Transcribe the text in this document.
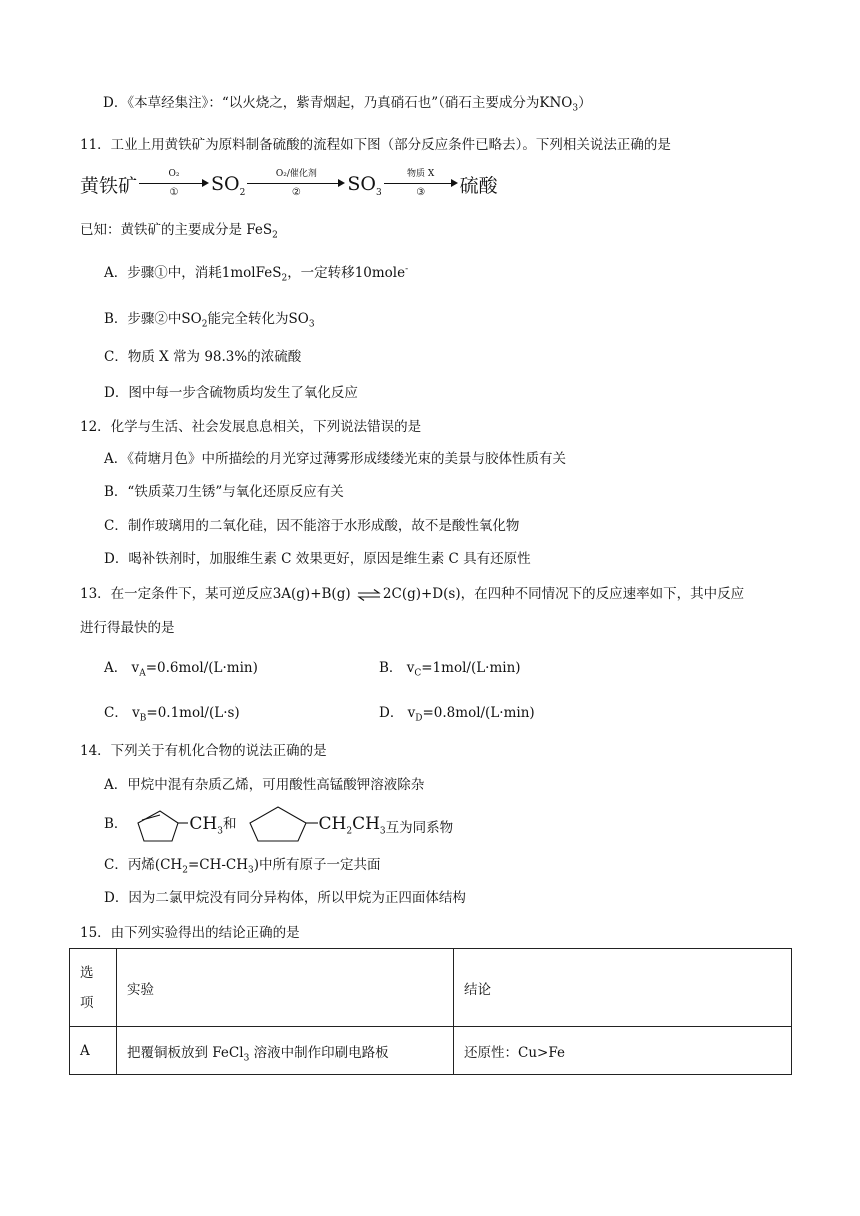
D．《本草经集注》：“以火烧之，紫青烟起，乃真硝石也”（硝石主要成分为$KNO_3$）
11．工业上用黄铁矿为原料制备硫酸的流程如下图（部分反应条件已略去）。下列相关说法正确的是
黄铁矿
O₂
①	$SO_2$
O₂/催化剂
②	$SO_3$
物质 X
③	硫酸
已知：黄铁矿的主要成分是 FeS$_2$
A．步骤①中，消耗1molFeS$_2$，一定转移10mole-
B．步骤②中$SO_2$能完全转化为$SO_3$
C．物质 X 常为 98.3%的浓硫酸
D．图中每一步含硫物质均发生了氧化反应
12．化学与生活、社会发展息息相关，下列说法错误的是
A．《荷塘月色》中所描绘的月光穿过薄雾形成缕缕光束的美景与胶体性质有关
B．“铁质菜刀生锈”与氧化还原反应有关
C．制作玻璃用的二氧化硅，因不能溶于水形成酸，故不是酸性氧化物
D．喝补铁剂时，加服维生素 C 效果更好，原因是维生素 C 具有还原性
13．在一定条件下，某可逆反应3A(g)+B(g) ⇌ 2C(g)+D(s)，在四种不同情况下的反应速率如下，其中反应
进行得最快的是
A． $v_A=0.6mol/(L\cdot\min)$	B． $v_C=1mol/(L\cdot\min)$
C． $v_B=0.1mol/(L\cdot s)$	D． $v_D=0.8mol/(L\cdot\min)$
14．下列关于有机化合物的说法正确的是
A．甲烷中混有杂质乙烯，可用酸性高锰酸钾溶液除杂
B．	$CH_3$ 和	$CH_2CH_3$ 互为同系物
C．丙烯$(CH_2=CH-CH_3)$中所有原子一定共面
D．因为二氯甲烷没有同分异构体，所以甲烷为正四面体结构
15．由下列实验得出的结论正确的是
选
项	实验	结论
A	把覆铜板放到 FeCl$_3$ 溶液中制作印刷电路板	还原性：Cu>Fe
